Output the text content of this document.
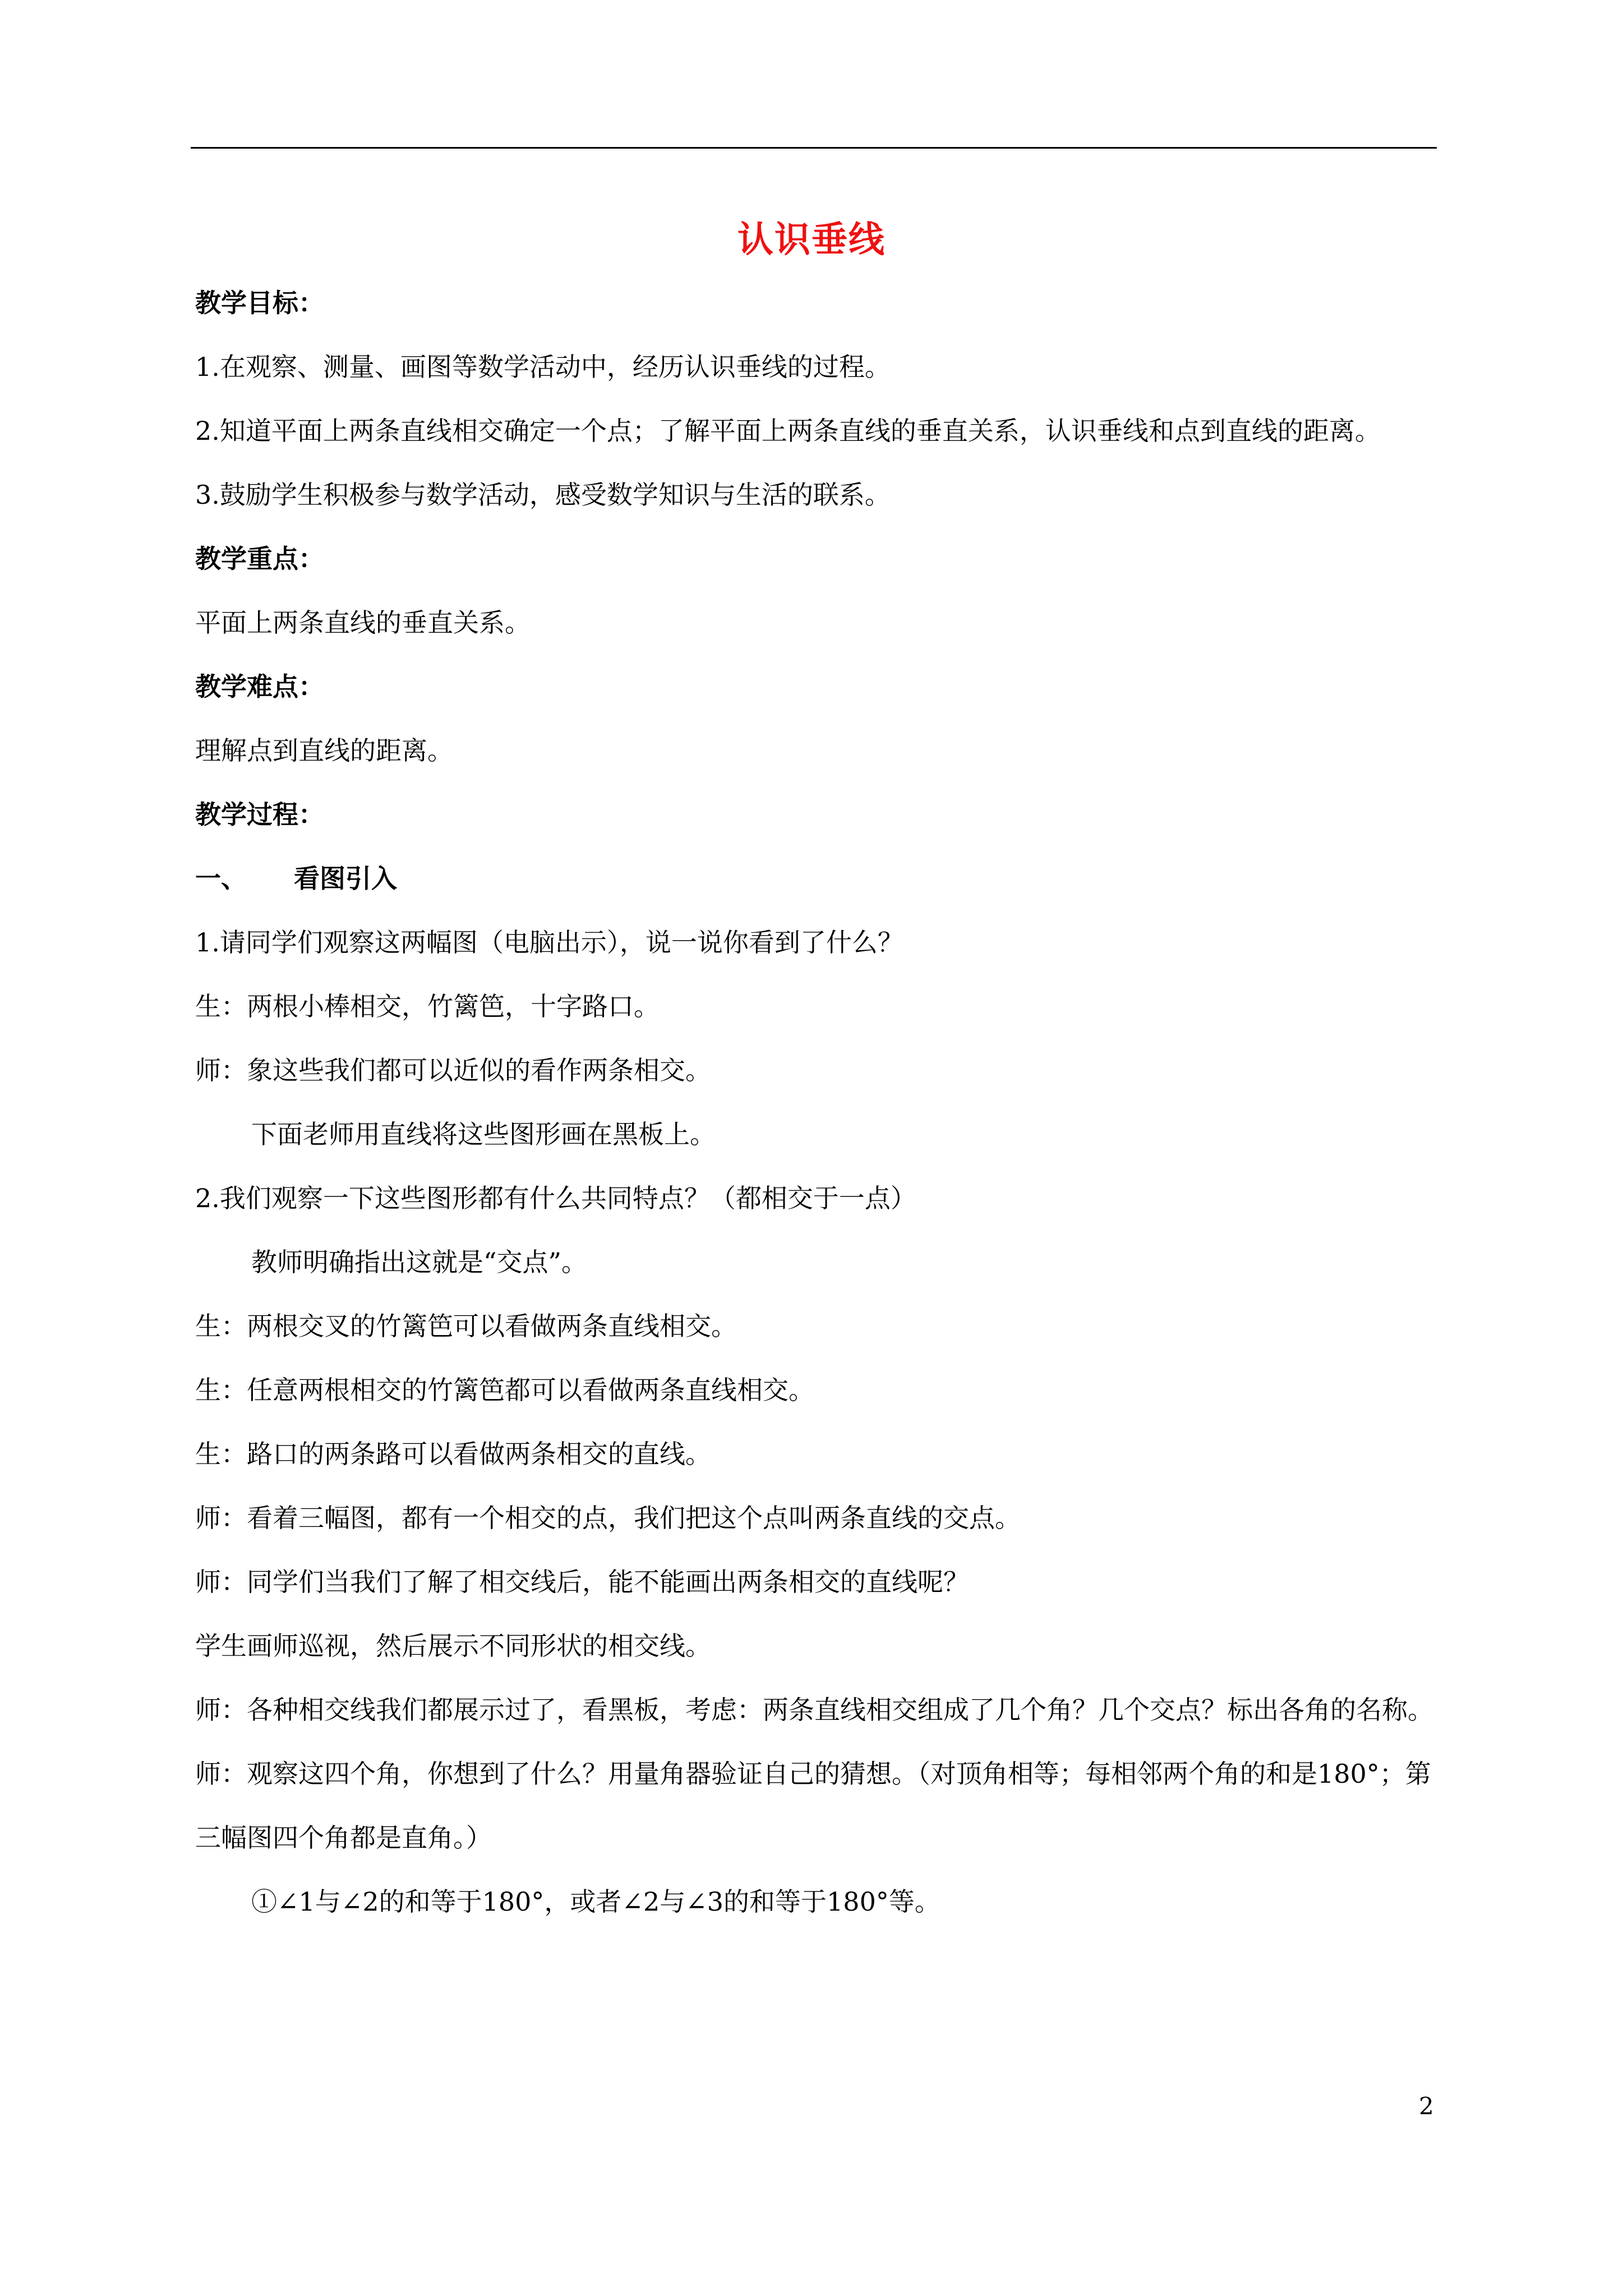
认识垂线
教学目标：
1.在观察、测量、画图等数学活动中，经历认识垂线的过程。
2.知道平面上两条直线相交确定一个点；了解平面上两条直线的垂直关系，认识垂线和点到直线的距离。
3.鼓励学生积极参与数学活动，感受数学知识与生活的联系。
教学重点：
平面上两条直线的垂直关系。
教学难点：
理解点到直线的距离。
教学过程：
一、	看图引入
1.请同学们观察这两幅图（电脑出示），说一说你看到了什么？
生：两根小棒相交，竹篱笆，十字路口。
师：象这些我们都可以近似的看作两条相交。
下面老师用直线将这些图形画在黑板上。
2.我们观察一下这些图形都有什么共同特点？（都相交于一点）
教师明确指出这就是“交点”。
生：两根交叉的竹篱笆可以看做两条直线相交。
生：任意两根相交的竹篱笆都可以看做两条直线相交。
生：路口的两条路可以看做两条相交的直线。
师：看着三幅图，都有一个相交的点，我们把这个点叫两条直线的交点。
师：同学们当我们了解了相交线后，能不能画出两条相交的直线呢？
学生画师巡视，然后展示不同形状的相交线。
师：各种相交线我们都展示过了，看黑板，考虑：两条直线相交组成了几个角？几个交点？标出各角的名称。
师：观察这四个角，你想到了什么？用量角器验证自己的猜想。（对顶角相等；每相邻两个角的和是180°；第三幅图四个角都是直角。）
①∠1与∠2的和等于180°，或者∠2与∠3的和等于180°等。
2
